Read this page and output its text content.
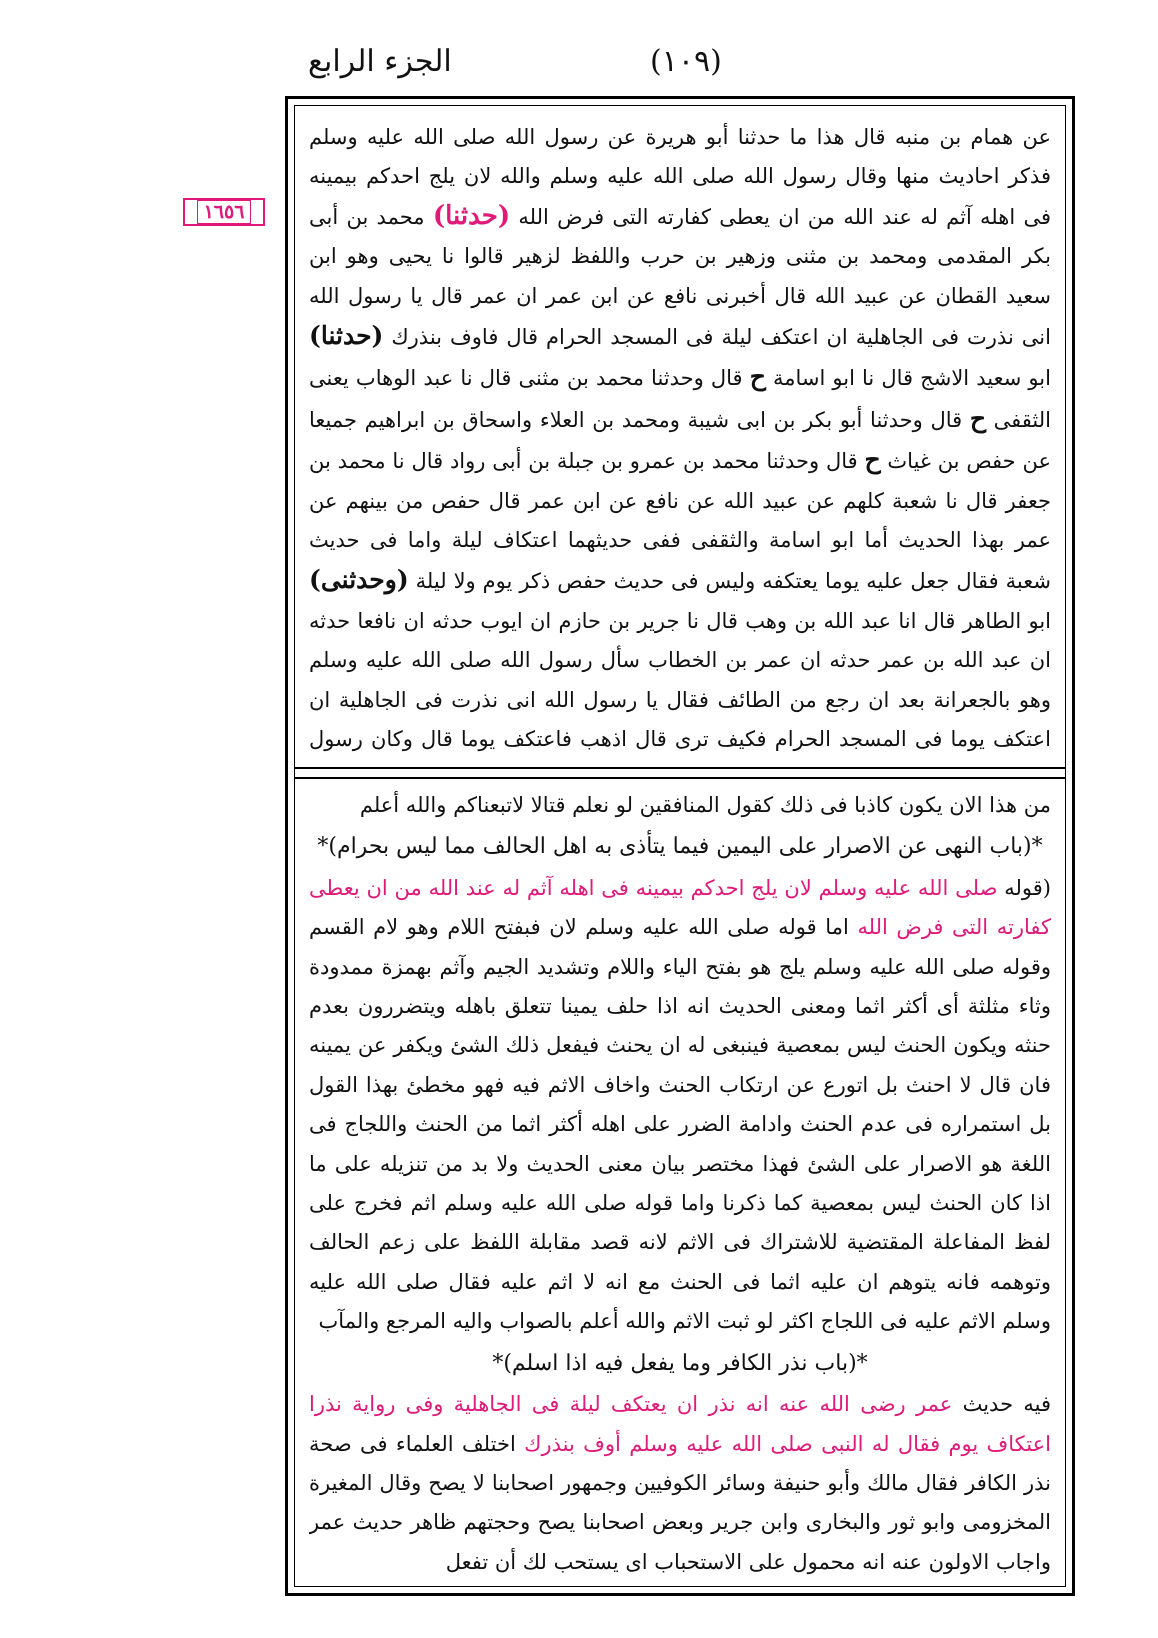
الجزء الرابع	(١٠٩)
١٦٥٦

عن همام بن منبه قال هذا ما حدثنا أبو هريرة عن رسول الله صلى الله عليه وسلم فذكر احاديث منها وقال رسول الله صلى الله عليه وسلم والله لان يلج احدكم بيمينه فى اهله آثم له عند الله من ان يعطى كفارته التى فرض الله (حدثنا) محمد بن أبى بكر المقدمى ومحمد بن مثنى وزهير بن حرب واللفظ لزهير قالوا نا يحيى وهو ابن سعيد القطان عن عبيد الله قال أخبرنى نافع عن ابن عمر ان عمر قال يا رسول الله انى نذرت فى الجاهلية ان اعتكف ليلة فى المسجد الحرام قال فاوف بنذرك (حدثنا) ابو سعيد الاشج قال نا ابو اسامة ح قال وحدثنا محمد بن مثنى قال نا عبد الوهاب يعنى الثقفى ح قال وحدثنا أبو بكر بن ابى شيبة ومحمد بن العلاء واسحاق بن ابراهيم جميعا عن حفص بن غياث ح قال وحدثنا محمد بن عمرو بن جبلة بن أبى رواد قال نا محمد بن جعفر قال نا شعبة كلهم عن عبيد الله عن نافع عن ابن عمر قال حفص من بينهم عن عمر بهذا الحديث أما ابو اسامة والثقفى ففى حديثهما اعتكاف ليلة واما فى حديث شعبة فقال جعل عليه يوما يعتكفه وليس فى حديث حفص ذكر يوم ولا ليلة (وحدثنى) ابو الطاهر قال انا عبد الله بن وهب قال نا جرير بن حازم ان ايوب حدثه ان نافعا حدثه ان عبد الله بن عمر حدثه ان عمر بن الخطاب سأل رسول الله صلى الله عليه وسلم وهو بالجعرانة بعد ان رجع من الطائف فقال يا رسول الله انى نذرت فى الجاهلية ان اعتكف يوما فى المسجد الحرام فكيف ترى قال اذهب فاعتكف يوما قال وكان رسول

من هذا الان يكون كاذبا فى ذلك كقول المنافقين لو نعلم قتالا لاتبعناكم والله أعلم

*(باب النهى عن الاصرار على اليمين فيما يتأذى به اهل الحالف مما ليس بحرام)*

(قوله صلى الله عليه وسلم لان يلج احدكم بيمينه فى اهله آثم له عند الله من ان يعطى كفارته التى فرض الله اما قوله صلى الله عليه وسلم لان فبفتح اللام وهو لام القسم وقوله صلى الله عليه وسلم يلج هو بفتح الياء واللام وتشديد الجيم وآثم بهمزة ممدودة وثاء مثلثة أى أكثر اثما ومعنى الحديث انه اذا حلف يمينا تتعلق باهله ويتضررون بعدم حنثه ويكون الحنث ليس بمعصية فينبغى له ان يحنث فيفعل ذلك الشئ ويكفر عن يمينه فان قال لا احنث بل اتورع عن ارتكاب الحنث واخاف الاثم فيه فهو مخطئ بهذا القول بل استمراره فى عدم الحنث وادامة الضرر على اهله أكثر اثما من الحنث واللجاج فى اللغة هو الاصرار على الشئ فهذا مختصر بيان معنى الحديث ولا بد من تنزيله على ما اذا كان الحنث ليس بمعصية كما ذكرنا واما قوله صلى الله عليه وسلم اثم فخرج على لفظ المفاعلة المقتضية للاشتراك فى الاثم لانه قصد مقابلة اللفظ على زعم الحالف وتوهمه فانه يتوهم ان عليه اثما فى الحنث مع انه لا اثم عليه فقال صلى الله عليه وسلم الاثم عليه فى اللجاج اكثر لو ثبت الاثم والله أعلم بالصواب واليه المرجع والمآب

*(باب نذر الكافر وما يفعل فيه اذا اسلم)*

فيه حديث عمر رضى الله عنه انه نذر ان يعتكف ليلة فى الجاهلية وفى رواية نذرا اعتكاف يوم فقال له النبى صلى الله عليه وسلم أوف بنذرك اختلف العلماء فى صحة نذر الكافر فقال مالك وأبو حنيفة وسائر الكوفيين وجمهور اصحابنا لا يصح وقال المغيرة المخزومى وابو ثور والبخارى وابن جرير وبعض اصحابنا يصح وحجتهم ظاهر حديث عمر واجاب الاولون عنه انه محمول على الاستحباب اى يستحب لك أن تفعل
